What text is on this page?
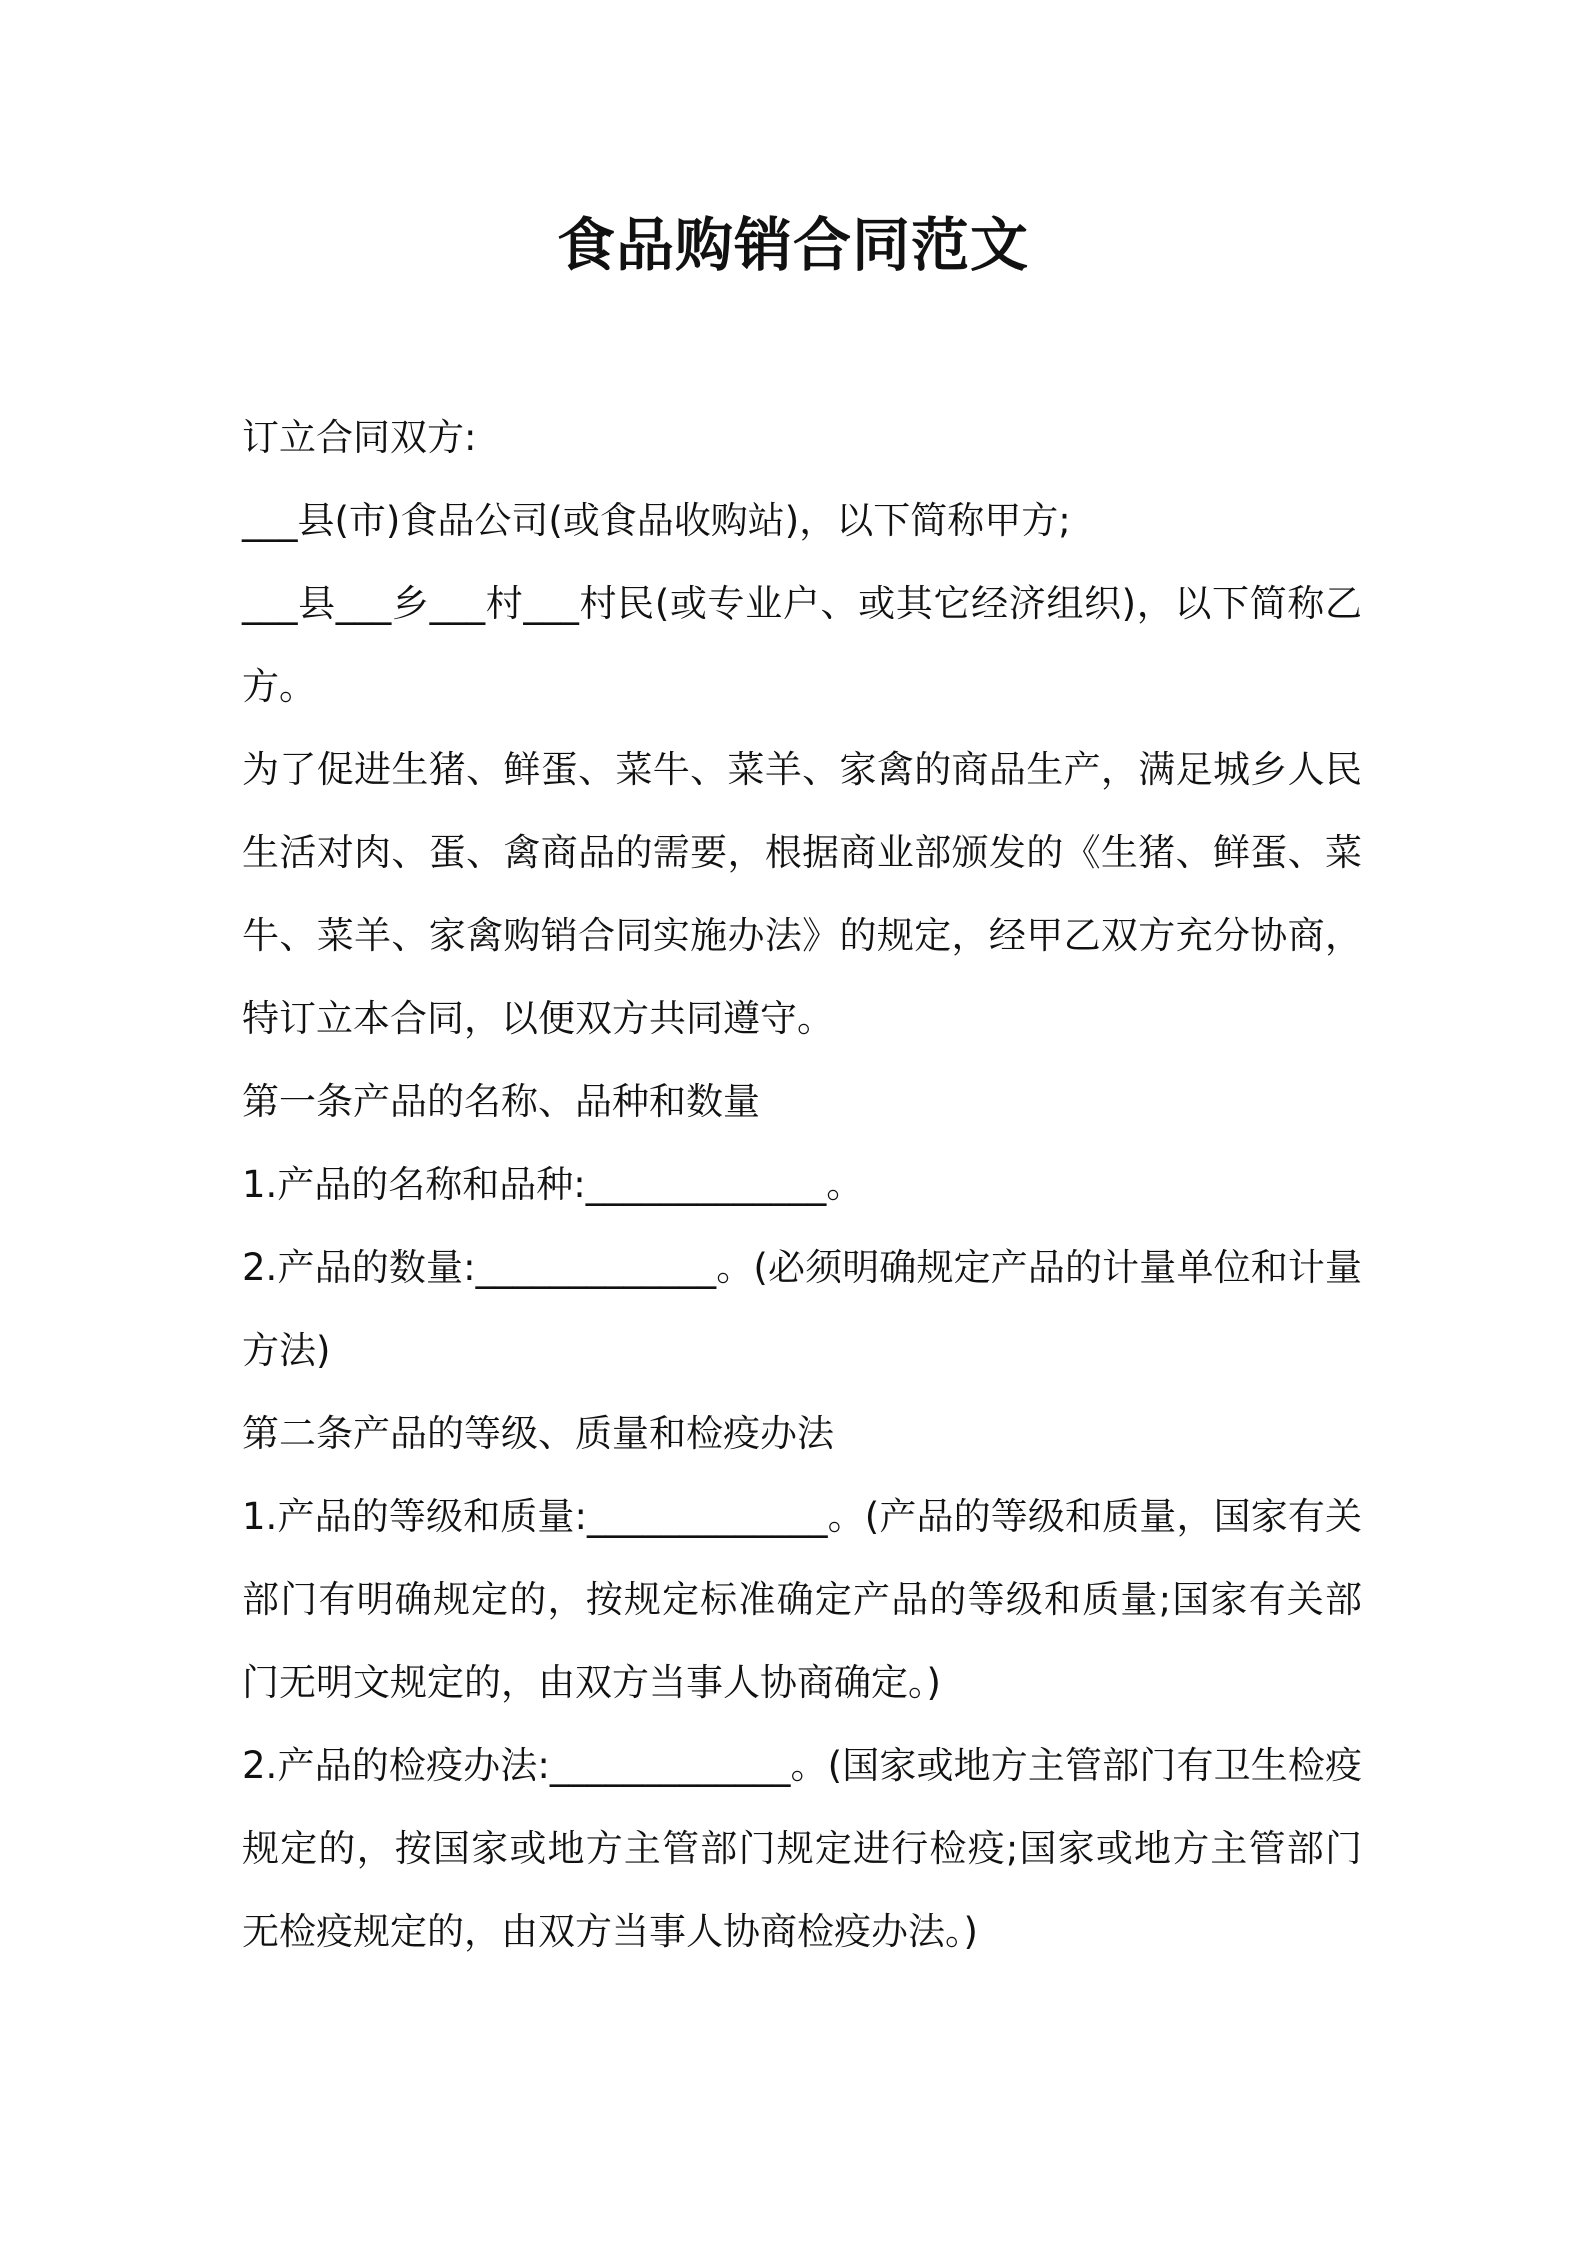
食品购销合同范文

订立合同双方:

___县(市)食品公司(或食品收购站)，以下简称甲方;

___县___乡___村___村民(或专业户、或其它经济组织)，以下简称乙方。

为了促进生猪、鲜蛋、菜牛、菜羊、家禽的商品生产，满足城乡人民生活对肉、蛋、禽商品的需要，根据商业部颁发的《生猪、鲜蛋、菜牛、菜羊、家禽购销合同实施办法》的规定，经甲乙双方充分协商，特订立本合同，以便双方共同遵守。

第一条产品的名称、品种和数量

1.产品的名称和品种:_____________。

2.产品的数量:_____________。(必须明确规定产品的计量单位和计量方法)

第二条产品的等级、质量和检疫办法

1.产品的等级和质量:_____________。(产品的等级和质量，国家有关部门有明确规定的，按规定标准确定产品的等级和质量;国家有关部门无明文规定的，由双方当事人协商确定。)

2.产品的检疫办法:_____________。(国家或地方主管部门有卫生检疫规定的，按国家或地方主管部门规定进行检疫;国家或地方主管部门无检疫规定的，由双方当事人协商检疫办法。)
